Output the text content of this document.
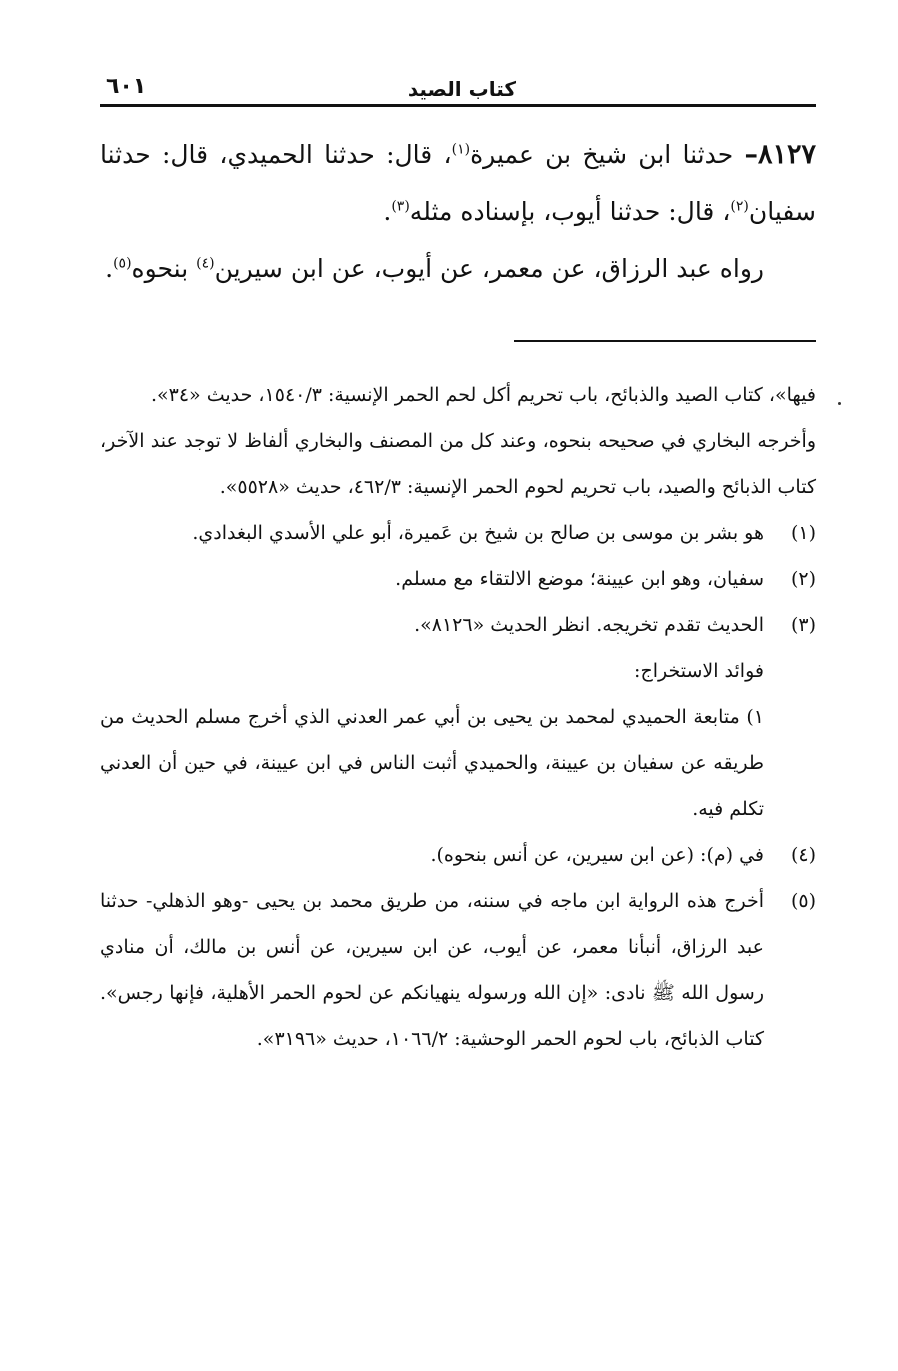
كتاب الصيد
٦٠١

٨١٢٧– حدثنا ابن شيخ بن عميرة$^{(١)}$، قال: حدثنا الحميدي، قال: حدثنا سفيان$^{(٢)}$، قال: حدثنا أيوب، بإسناده مثله$^{(٣)}$.

رواه عبد الرزاق، عن معمر، عن أيوب، عن ابن سيرين$^{(٤)}$ بنحوه$^{(٥)}$.

فيها»، كتاب الصيد والذبائح، باب تحريم أكل لحم الحمر الإنسية: ١٥٤٠/٣، حديث «٣٤».

وأخرجه البخاري في صحيحه بنحوه، وعند كل من المصنف والبخاري ألفاظ لا توجد عند الآخر، كتاب الذبائح والصيد، باب تحريم لحوم الحمر الإنسية: ٤٦٢/٣، حديث «٥٥٢٨».

(١)
هو بشر بن موسى بن صالح بن شيخ بن عَميرة، أبو علي الأسدي البغدادي.
(٢)
سفيان، وهو ابن عيينة؛ موضع الالتقاء مع مسلم.
(٣)
الحديث تقدم تخريجه. انظر الحديث «٨١٢٦».

فوائد الاستخراج:

١) متابعة الحميدي لمحمد بن يحيى بن أبي عمر العدني الذي أخرج مسلم الحديث من طريقه عن سفيان بن عيينة، والحميدي أثبت الناس في ابن عيينة، في حين أن العدني تكلم فيه.

(٤)
في (م): (عن ابن سيرين، عن أنس بنحوه).
(٥)
أخرج هذه الرواية ابن ماجه في سننه، من طريق محمد بن يحيى -وهو الذهلي- حدثنا عبد الرزاق، أنبأنا معمر، عن أيوب، عن ابن سيرين، عن أنس بن مالك، أن منادي رسول الله ﷺ نادى: «إن الله ورسوله ينهيانكم عن لحوم الحمر الأهلية، فإنها رجس». كتاب الذبائح، باب لحوم الحمر الوحشية: ١٠٦٦/٢، حديث «٣١٩٦».
